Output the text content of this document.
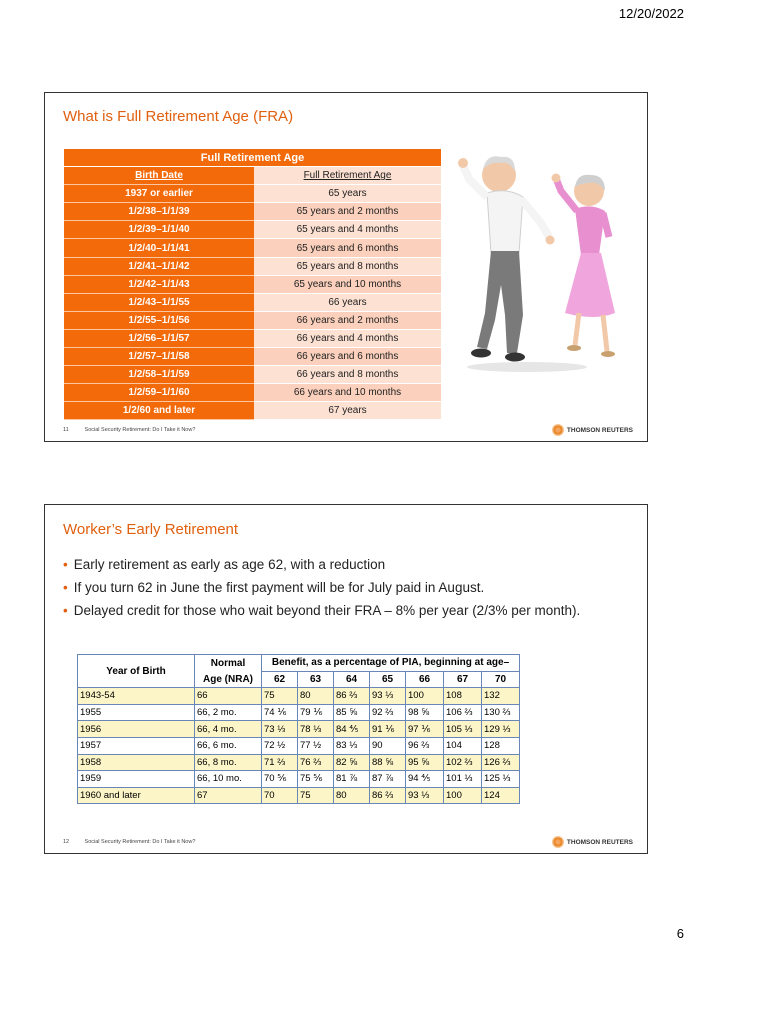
12/20/2022
What is Full Retirement Age (FRA)
Full Retirement Age	
Birth Date	Full Retirement Age
1937 or earlier	65 years
1/2/38–1/1/39	65 years and 2 months
1/2/39–1/1/40	65 years and 4 months
1/2/40–1/1/41	65 years and 6 months
1/2/41–1/1/42	65 years and 8 months
1/2/42–1/1/43	65 years and 10 months
1/2/43–1/1/55	66 years
1/2/55–1/1/56	66 years and 2 months
1/2/56–1/1/57	66 years and 4 months
1/2/57–1/1/58	66 years and 6 months
1/2/58–1/1/59	66 years and 8 months
1/2/59–1/1/60	66 years and 10 months
1/2/60 and later	67 years
11	Social Security Retirement: Do I Take it Now?	THOMSON REUTERS
Worker’s Early Retirement
• Early retirement as early as age 62, with a reduction
• If you turn 62 in June the first payment will be for July paid in August.
• Delayed credit for those who wait beyond their FRA – 8% per year (2/3% per month).
Year of Birth	Normal	Benefit, as a percentage of PIA, beginning at age–						
	Age (NRA)	62	63	64	65	66	67	70
1943-54	66	75	80	86 ⅔	93 ⅓	100	108	132
1955	66, 2 mo.	74 ⅙	79 ⅙	85 ⅝	92 ⅔	98 ⅝	106 ⅔	130 ⅔
1956	66, 4 mo.	73 ⅓	78 ⅓	84 ⅘	91 ⅙	97 ⅙	105 ⅓	129 ⅓
1957	66, 6 mo.	72 ½	77 ½	83 ⅓	90	96 ⅔	104	128
1958	66, 8 mo.	71 ⅔	76 ⅔	82 ⅝	88 ⅝	95 ⅝	102 ⅔	126 ⅔
1959	66, 10 mo.	70 ⅚	75 ⅚	81 ⅞	87 ⅞	94 ⅘	101 ⅓	125 ⅓
1960 and later	67	70	75	80	86 ⅔	93 ⅓	100	124
12	Social Security Retirement: Do I Take it Now?	THOMSON REUTERS
6
